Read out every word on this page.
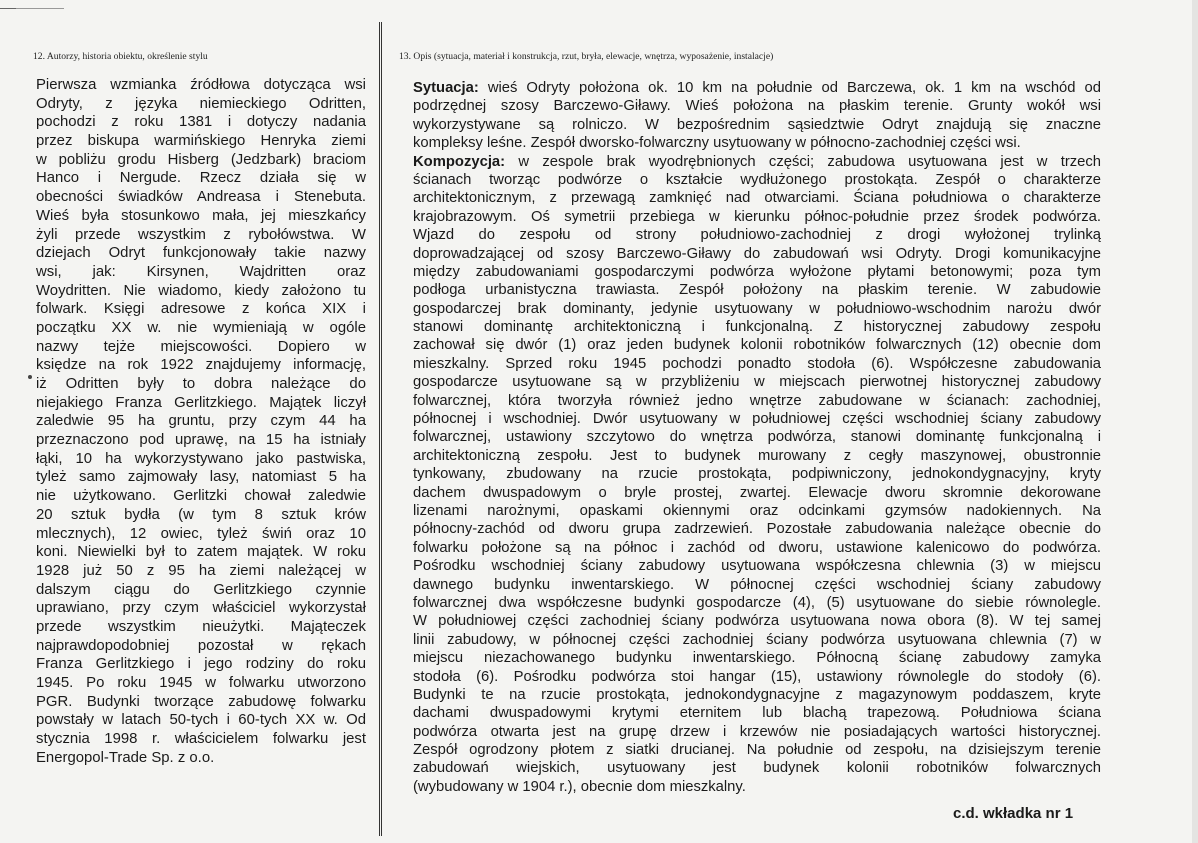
12. Autorzy, historia obiektu, określenie stylu	13. Opis (sytuacja, materiał i konstrukcja, rzut, bryła, elewacje, wnętrza, wyposażenie, instalacje)
Pierwsza wzmianka źródłowa dotycząca wsi
Odryty, z języka niemieckiego Odritten,
pochodzi z roku 1381 i dotyczy nadania
przez biskupa warmińskiego Henryka ziemi
w pobliżu grodu Hisberg (Jedzbark) braciom
Hanco i Nergude. Rzecz działa się w
obecności świadków Andreasa i Stenebuta.
Wieś była stosunkowo mała, jej mieszkańcy
żyli przede wszystkim z rybołówstwa. W
dziejach Odryt funkcjonowały takie nazwy
wsi, jak: Kirsynen, Wajdritten oraz
Woydritten. Nie wiadomo, kiedy założono tu
folwark. Księgi adresowe z końca XIX i
początku XX w. nie wymieniają w ogóle
nazwy tejże miejscowości. Dopiero w
księdze na rok 1922 znajdujemy informację,
iż Odritten były to dobra należące do
niejakiego Franza Gerlitzkiego. Majątek liczył
zaledwie 95 ha gruntu, przy czym 44 ha
przeznaczono pod uprawę, na 15 ha istniały
łąki, 10 ha wykorzystywano jako pastwiska,
tyleż samo zajmowały lasy, natomiast 5 ha
nie użytkowano. Gerlitzki chował zaledwie
20 sztuk bydła (w tym 8 sztuk krów
mlecznych), 12 owiec, tyleż świń oraz 10
koni. Niewielki był to zatem majątek. W roku
1928 już 50 z 95 ha ziemi należącej w
dalszym ciągu do Gerlitzkiego czynnie
uprawiano, przy czym właściciel wykorzystał
przede wszystkim nieużytki. Mająteczek
najprawdopodobniej pozostał w rękach
Franza Gerlitzkiego i jego rodziny do roku
1945. Po roku 1945 w folwarku utworzono
PGR. Budynki tworzące zabudowę folwarku
powstały w latach 50-tych i 60-tych XX w. Od
stycznia 1998 r. właścicielem folwarku jest
Energopol-Trade Sp. z o.o.
Sytuacja: wieś Odryty położona ok. 10 km na południe od Barczewa, ok. 1 km na wschód od
podrzędnej szosy Barczewo-Giławy. Wieś położona na płaskim terenie. Grunty wokół wsi
wykorzystywane są rolniczo. W bezpośrednim sąsiedztwie Odryt znajdują się znaczne
kompleksy leśne. Zespół dworsko-folwarczny usytuowany w północno-zachodniej części wsi.
Kompozycja: w zespole brak wyodrębnionych części; zabudowa usytuowana jest w trzech
ścianach tworząc podwórze o kształcie wydłużonego prostokąta. Zespół o charakterze
architektonicznym, z przewagą zamknięć nad otwarciami. Ściana południowa o charakterze
krajobrazowym. Oś symetrii przebiega w kierunku północ-południe przez środek podwórza.
Wjazd do zespołu od strony południowo-zachodniej z drogi wyłożonej trylinką
doprowadzającej od szosy Barczewo-Giławy do zabudowań wsi Odryty. Drogi komunikacyjne
między zabudowaniami gospodarczymi podwórza wyłożone płytami betonowymi; poza tym
podłoga urbanistyczna trawiasta. Zespół położony na płaskim terenie. W zabudowie
gospodarczej brak dominanty, jedynie usytuowany w południowo-wschodnim narożu dwór
stanowi dominantę architektoniczną i funkcjonalną. Z historycznej zabudowy zespołu
zachował się dwór (1) oraz jeden budynek kolonii robotników folwarcznych (12) obecnie dom
mieszkalny. Sprzed roku 1945 pochodzi ponadto stodoła (6). Współczesne zabudowania
gospodarcze usytuowane są w przybliżeniu w miejscach pierwotnej historycznej zabudowy
folwarcznej, która tworzyła również jedno wnętrze zabudowane w ścianach: zachodniej,
północnej i wschodniej. Dwór usytuowany w południowej części wschodniej ściany zabudowy
folwarcznej, ustawiony szczytowo do wnętrza podwórza, stanowi dominantę funkcjonalną i
architektoniczną zespołu. Jest to budynek murowany z cegły maszynowej, obustronnie
tynkowany, zbudowany na rzucie prostokąta, podpiwniczony, jednokondygnacyjny, kryty
dachem dwuspadowym o bryle prostej, zwartej. Elewacje dworu skromnie dekorowane
lizenami narożnymi, opaskami okiennymi oraz odcinkami gzymsów nadokiennych. Na
północny-zachód od dworu grupa zadrzewień. Pozostałe zabudowania należące obecnie do
folwarku położone są na północ i zachód od dworu, ustawione kalenicowo do podwórza.
Pośrodku wschodniej ściany zabudowy usytuowana współczesna chlewnia (3) w miejscu
dawnego budynku inwentarskiego. W północnej części wschodniej ściany zabudowy
folwarcznej dwa współczesne budynki gospodarcze (4), (5) usytuowane do siebie równolegle.
W południowej części zachodniej ściany podwórza usytuowana nowa obora (8). W tej samej
linii zabudowy, w północnej części zachodniej ściany podwórza usytuowana chlewnia (7) w
miejscu niezachowanego budynku inwentarskiego. Północną ścianę zabudowy zamyka
stodoła (6). Pośrodku podwórza stoi hangar (15), ustawiony równolegle do stodoły (6).
Budynki te na rzucie prostokąta, jednokondygnacyjne z magazynowym poddaszem, kryte
dachami dwuspadowymi krytymi eternitem lub blachą trapezową. Południowa ściana
podwórza otwarta jest na grupę drzew i krzewów nie posiadających wartości historycznej.
Zespół ogrodzony płotem z siatki drucianej. Na południe od zespołu, na dzisiejszym terenie
zabudowań wiejskich, usytuowany jest budynek kolonii robotników folwarcznych
(wybudowany w 1904 r.), obecnie dom mieszkalny.
c.d. wkładka nr 1
